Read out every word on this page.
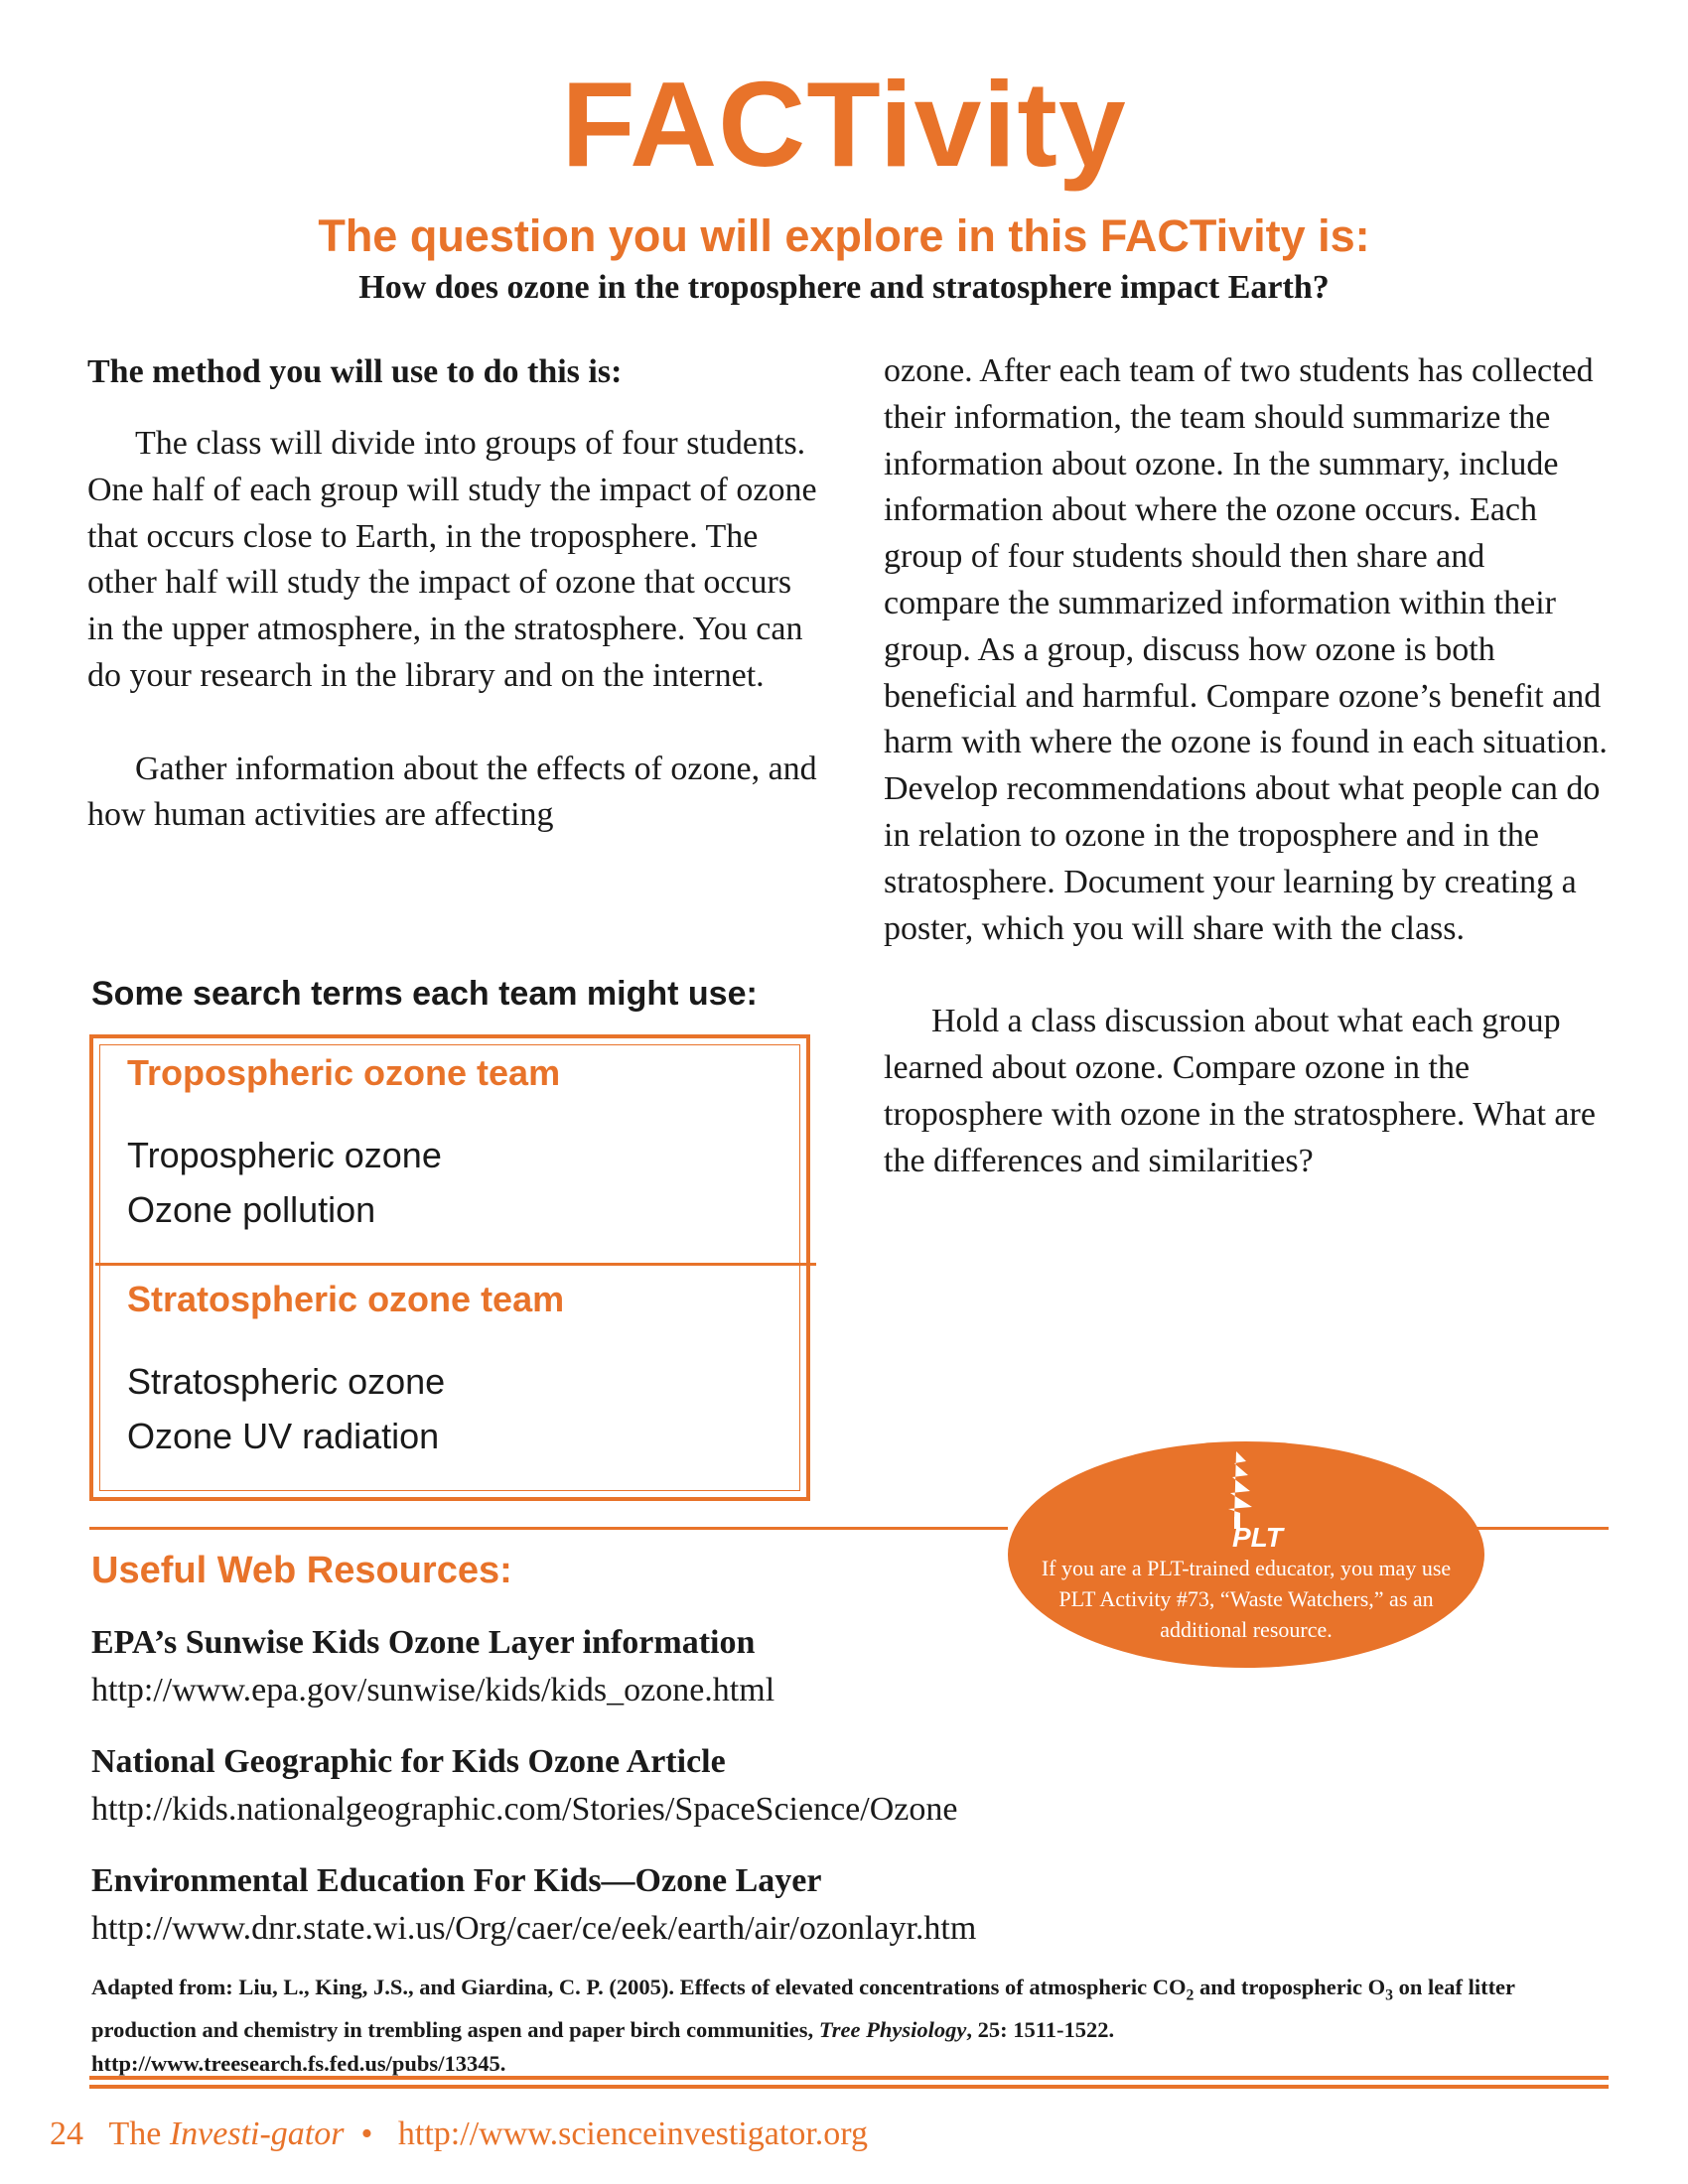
FACTivity
The question you will explore in this FACTivity is:
How does ozone in the troposphere and stratosphere impact Earth?
The method you will use to do this is:

The class will divide into groups of four students. One half of each group will study the impact of ozone that occurs close to Earth, in the troposphere. The other half will study the impact of ozone that occurs in the upper atmosphere, in the stratosphere. You can do your research in the library and on the internet.

Gather information about the effects of ozone, and how human activities are affecting

ozone. After each team of two students has collected their information, the team should summarize the information about ozone. In the summary, include information about where the ozone occurs. Each group of four students should then share and compare the summarized information within their group. As a group, discuss how ozone is both beneficial and harmful. Compare ozone’s benefit and harm with where the ozone is found in each situation. Develop recommendations about what people can do in relation to ozone in the troposphere and in the stratosphere. Document your learning by creating a poster, which you will share with the class.

Hold a class discussion about what each group learned about ozone. Compare ozone in the troposphere with ozone in the stratosphere. What are the differences and similarities?

Some search terms each team might use:
Tropospheric ozone team
Tropospheric ozone
Ozone pollution
Stratospheric ozone team
Stratospheric ozone
Ozone UV radiation
PLT
If you are a PLT-trained educator, you may use PLT Activity #73, “Waste Watchers,” as an additional resource.
Useful Web Resources:
EPA’s Sunwise Kids Ozone Layer information
http://www.epa.gov/sunwise/kids/kids_ozone.html
National Geographic for Kids Ozone Article
http://kids.nationalgeographic.com/Stories/SpaceScience/Ozone
Environmental Education For Kids—Ozone Layer
http://www.dnr.state.wi.us/Org/caer/ce/eek/earth/air/ozonlayr.htm
Adapted from: Liu, L., King, J.S., and Giardina, C. P. (2005). Effects of elevated concentrations of atmospheric $CO_2$ and tropospheric $O_3$ on leaf litter production and chemistry in trembling aspen and paper birch communities, Tree Physiology, 25: 1511-1522.
http://www.treesearch.fs.fed.us/pubs/13345.
24 The Investi-gator • http://www.scienceinvestigator.org
